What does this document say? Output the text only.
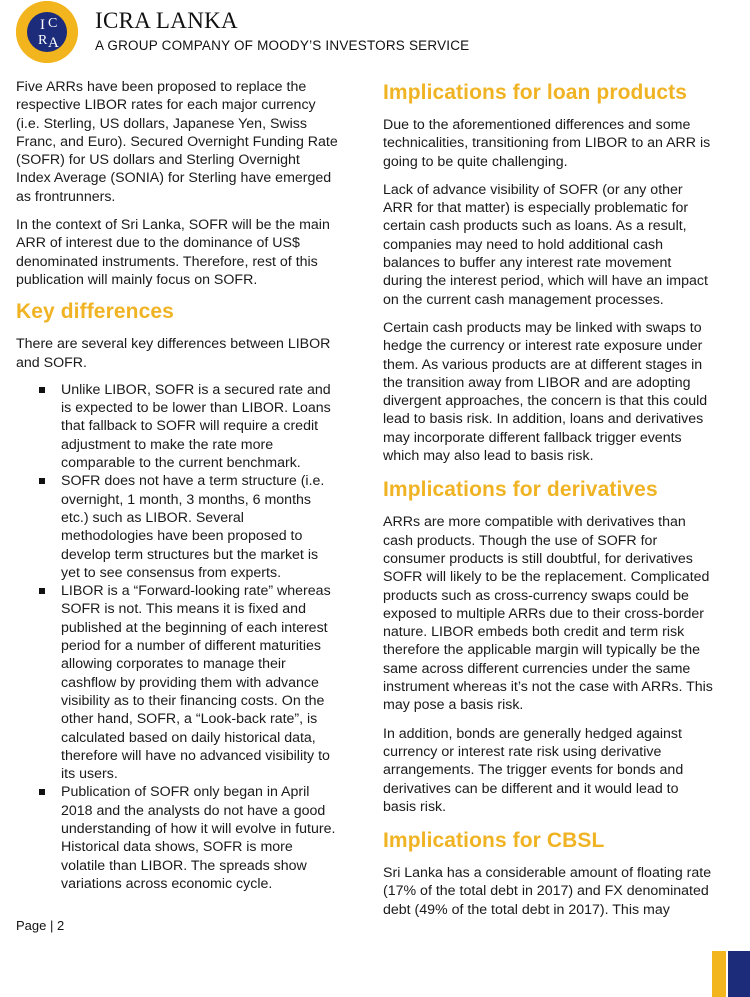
I C
R A
ICRA LANKA
A GROUP COMPANY OF MOODY’S INVESTORS SERVICE

Five ARRs have been proposed to replace the respective LIBOR rates for each major currency (i.e. Sterling, US dollars, Japanese Yen, Swiss Franc, and Euro). Secured Overnight Funding Rate (SOFR) for US dollars and Sterling Overnight Index Average (SONIA) for Sterling have emerged as frontrunners.

In the context of Sri Lanka, SOFR will be the main ARR of interest due to the dominance of US$ denominated instruments. Therefore, rest of this publication will mainly focus on SOFR.

Key differences

There are several key differences between LIBOR and SOFR.

Unlike LIBOR, SOFR is a secured rate and is expected to be lower than LIBOR. Loans that fallback to SOFR will require a credit adjustment to make the rate more comparable to the current benchmark.
SOFR does not have a term structure (i.e. overnight, 1 month, 3 months, 6 months etc.) such as LIBOR. Several methodologies have been proposed to develop term structures but the market is yet to see consensus from experts.
LIBOR is a “Forward-looking rate” whereas SOFR is not. This means it is fixed and published at the beginning of each interest period for a number of different maturities allowing corporates to manage their cashflow by providing them with advance visibility as to their financing costs. On the other hand, SOFR, a “Look-back rate”, is calculated based on daily historical data, therefore will have no advanced visibility to its users.
Publication of SOFR only began in April 2018 and the analysts do not have a good understanding of how it will evolve in future. Historical data shows, SOFR is more volatile than LIBOR. The spreads show variations across economic cycle.
Implications for loan products

Due to the aforementioned differences and some technicalities, transitioning from LIBOR to an ARR is going to be quite challenging.

Lack of advance visibility of SOFR (or any other ARR for that matter) is especially problematic for certain cash products such as loans. As a result, companies may need to hold additional cash balances to buffer any interest rate movement during the interest period, which will have an impact on the current cash management processes.

Certain cash products may be linked with swaps to hedge the currency or interest rate exposure under them. As various products are at different stages in the transition away from LIBOR and are adopting divergent approaches, the concern is that this could lead to basis risk. In addition, loans and derivatives may incorporate different fallback trigger events which may also lead to basis risk.

Implications for derivatives

ARRs are more compatible with derivatives than cash products. Though the use of SOFR for consumer products is still doubtful, for derivatives SOFR will likely to be the replacement. Complicated products such as cross-currency swaps could be exposed to multiple ARRs due to their cross-border nature. LIBOR embeds both credit and term risk therefore the applicable margin will typically be the same across different currencies under the same instrument whereas it’s not the case with ARRs. This may pose a basis risk.

In addition, bonds are generally hedged against currency or interest rate risk using derivative arrangements. The trigger events for bonds and derivatives can be different and it would lead to basis risk.

Implications for CBSL

Sri Lanka has a considerable amount of floating rate (17% of the total debt in 2017) and FX denominated debt (49% of the total debt in 2017). This may

Page | 2
